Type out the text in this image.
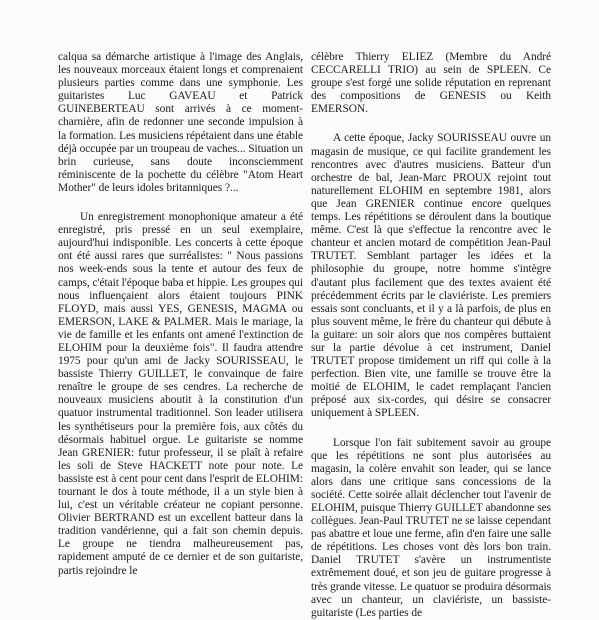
calqua sa démarche artistique à l'image des Anglais, les nouveaux morceaux étaient longs et comprenaient plusieurs parties comme dans une symphonie. Les guitaristes Luc GAVEAU et Patrick GUINEBERTEAU sont arrivés à ce moment-charnière, afin de redonner une seconde impulsion à la formation. Les musiciens répétaient dans une étable déjà occupée par un troupeau de vaches... Situation un brin curieuse, sans doute inconsciemment réminiscente de la pochette du célèbre "Atom Heart Mother" de leurs idoles britanniques ?...

Un enregistrement monophonique amateur a été enregistré, pris pressé en un seul exemplaire, aujourd'hui indisponible. Les concerts à cette époque ont été aussi rares que surréalistes: " Nous passions nos week-ends sous la tente et autour des feux de camps, c'était l'époque baba et hippie. Les groupes qui nous influençaient alors étaient toujours PINK FLOYD, mais aussi YES, GENESIS, MAGMA ou EMERSON, LAKE & PALMER. Mais le mariage, la vie de famille et les enfants ont amené l'extinction de ELOHIM pour la deuxième fois". Il faudra attendre 1975 pour qu'un ami de Jacky SOURISSEAU, le bassiste Thierry GUILLET, le convainque de faire renaître le groupe de ses cendres. La recherche de nouveaux musiciens aboutit à la constitution d'un quatuor instrumental traditionnel. Son leader utilisera les synthétiseurs pour la première fois, aux côtés du désormais habituel orgue. Le guitariste se nomme Jean GRENIER: futur professeur, il se plaît à refaire les soli de Steve HACKETT note pour note. Le bassiste est à cent pour cent dans l'esprit de ELOHIM: tournant le dos à toute méthode, il a un style bien à lui, c'est un véritable créateur ne copiant personne. Olivier BERTRAND est un excellent batteur dans la tradition vandérienne, qui a fait son chemin depuis. Le groupe ne tiendra malheureusement pas, rapidement amputé de ce dernier et de son guitariste, partis rejoindre le

célèbre Thierry ELIEZ (Membre du André CECCARELLI TRIO) au sein de SPLEEN. Ce groupe s'est forgé une solide réputation en reprenant des compositions de GENESIS ou Keith EMERSON.

A cette époque, Jacky SOURISSEAU ouvre un magasin de musique, ce qui facilite grandement les rencontres avec d'autres musiciens. Batteur d'un orchestre de bal, Jean-Marc PROUX rejoint tout naturellement ELOHIM en septembre 1981, alors que Jean GRENIER continue encore quelques temps. Les répétitions se déroulent dans la boutique même. C'est là que s'effectue la rencontre avec le chanteur et ancien motard de compétition Jean-Paul TRUTET. Semblant partager les idées et la philosophie du groupe, notre homme s'intègre d'autant plus facilement que des textes avaient été précédemment écrits par le claviériste. Les premiers essais sont concluants, et il y a là parfois, de plus en plus souvent même, le frère du chanteur qui débute à la guitare: un soir alors que nos compères buttaient sur la partie dévolue à cet instrument, Daniel TRUTET propose timidement un riff qui colle à la perfection. Bien vite, une famille se trouve être la moitié de ELOHIM, le cadet remplaçant l'ancien préposé aux six-cordes, qui désire se consacrer uniquement à SPLEEN.

Lorsque l'on fait subitement savoir au groupe que les répétitions ne sont plus autorisées au magasin, la colère envahit son leader, qui se lance alors dans une critique sans concessions de la société. Cette soirée allait déclencher tout l'avenir de ELOHIM, puisque Thierry GUILLET abandonne ses collègues. Jean-Paul TRUTET ne se laisse cependant pas abattre et loue une ferme, afin d'en faire une salle de répétitions. Les choses vont dès lors bon train. Daniel TRUTET s'avère un instrumentiste extrêmement doué, et son jeu de guitare progresse à très grande vitesse. Le quatuor se produira désormais avec un chanteur, un claviériste, un bassiste-guitariste (Les parties de
